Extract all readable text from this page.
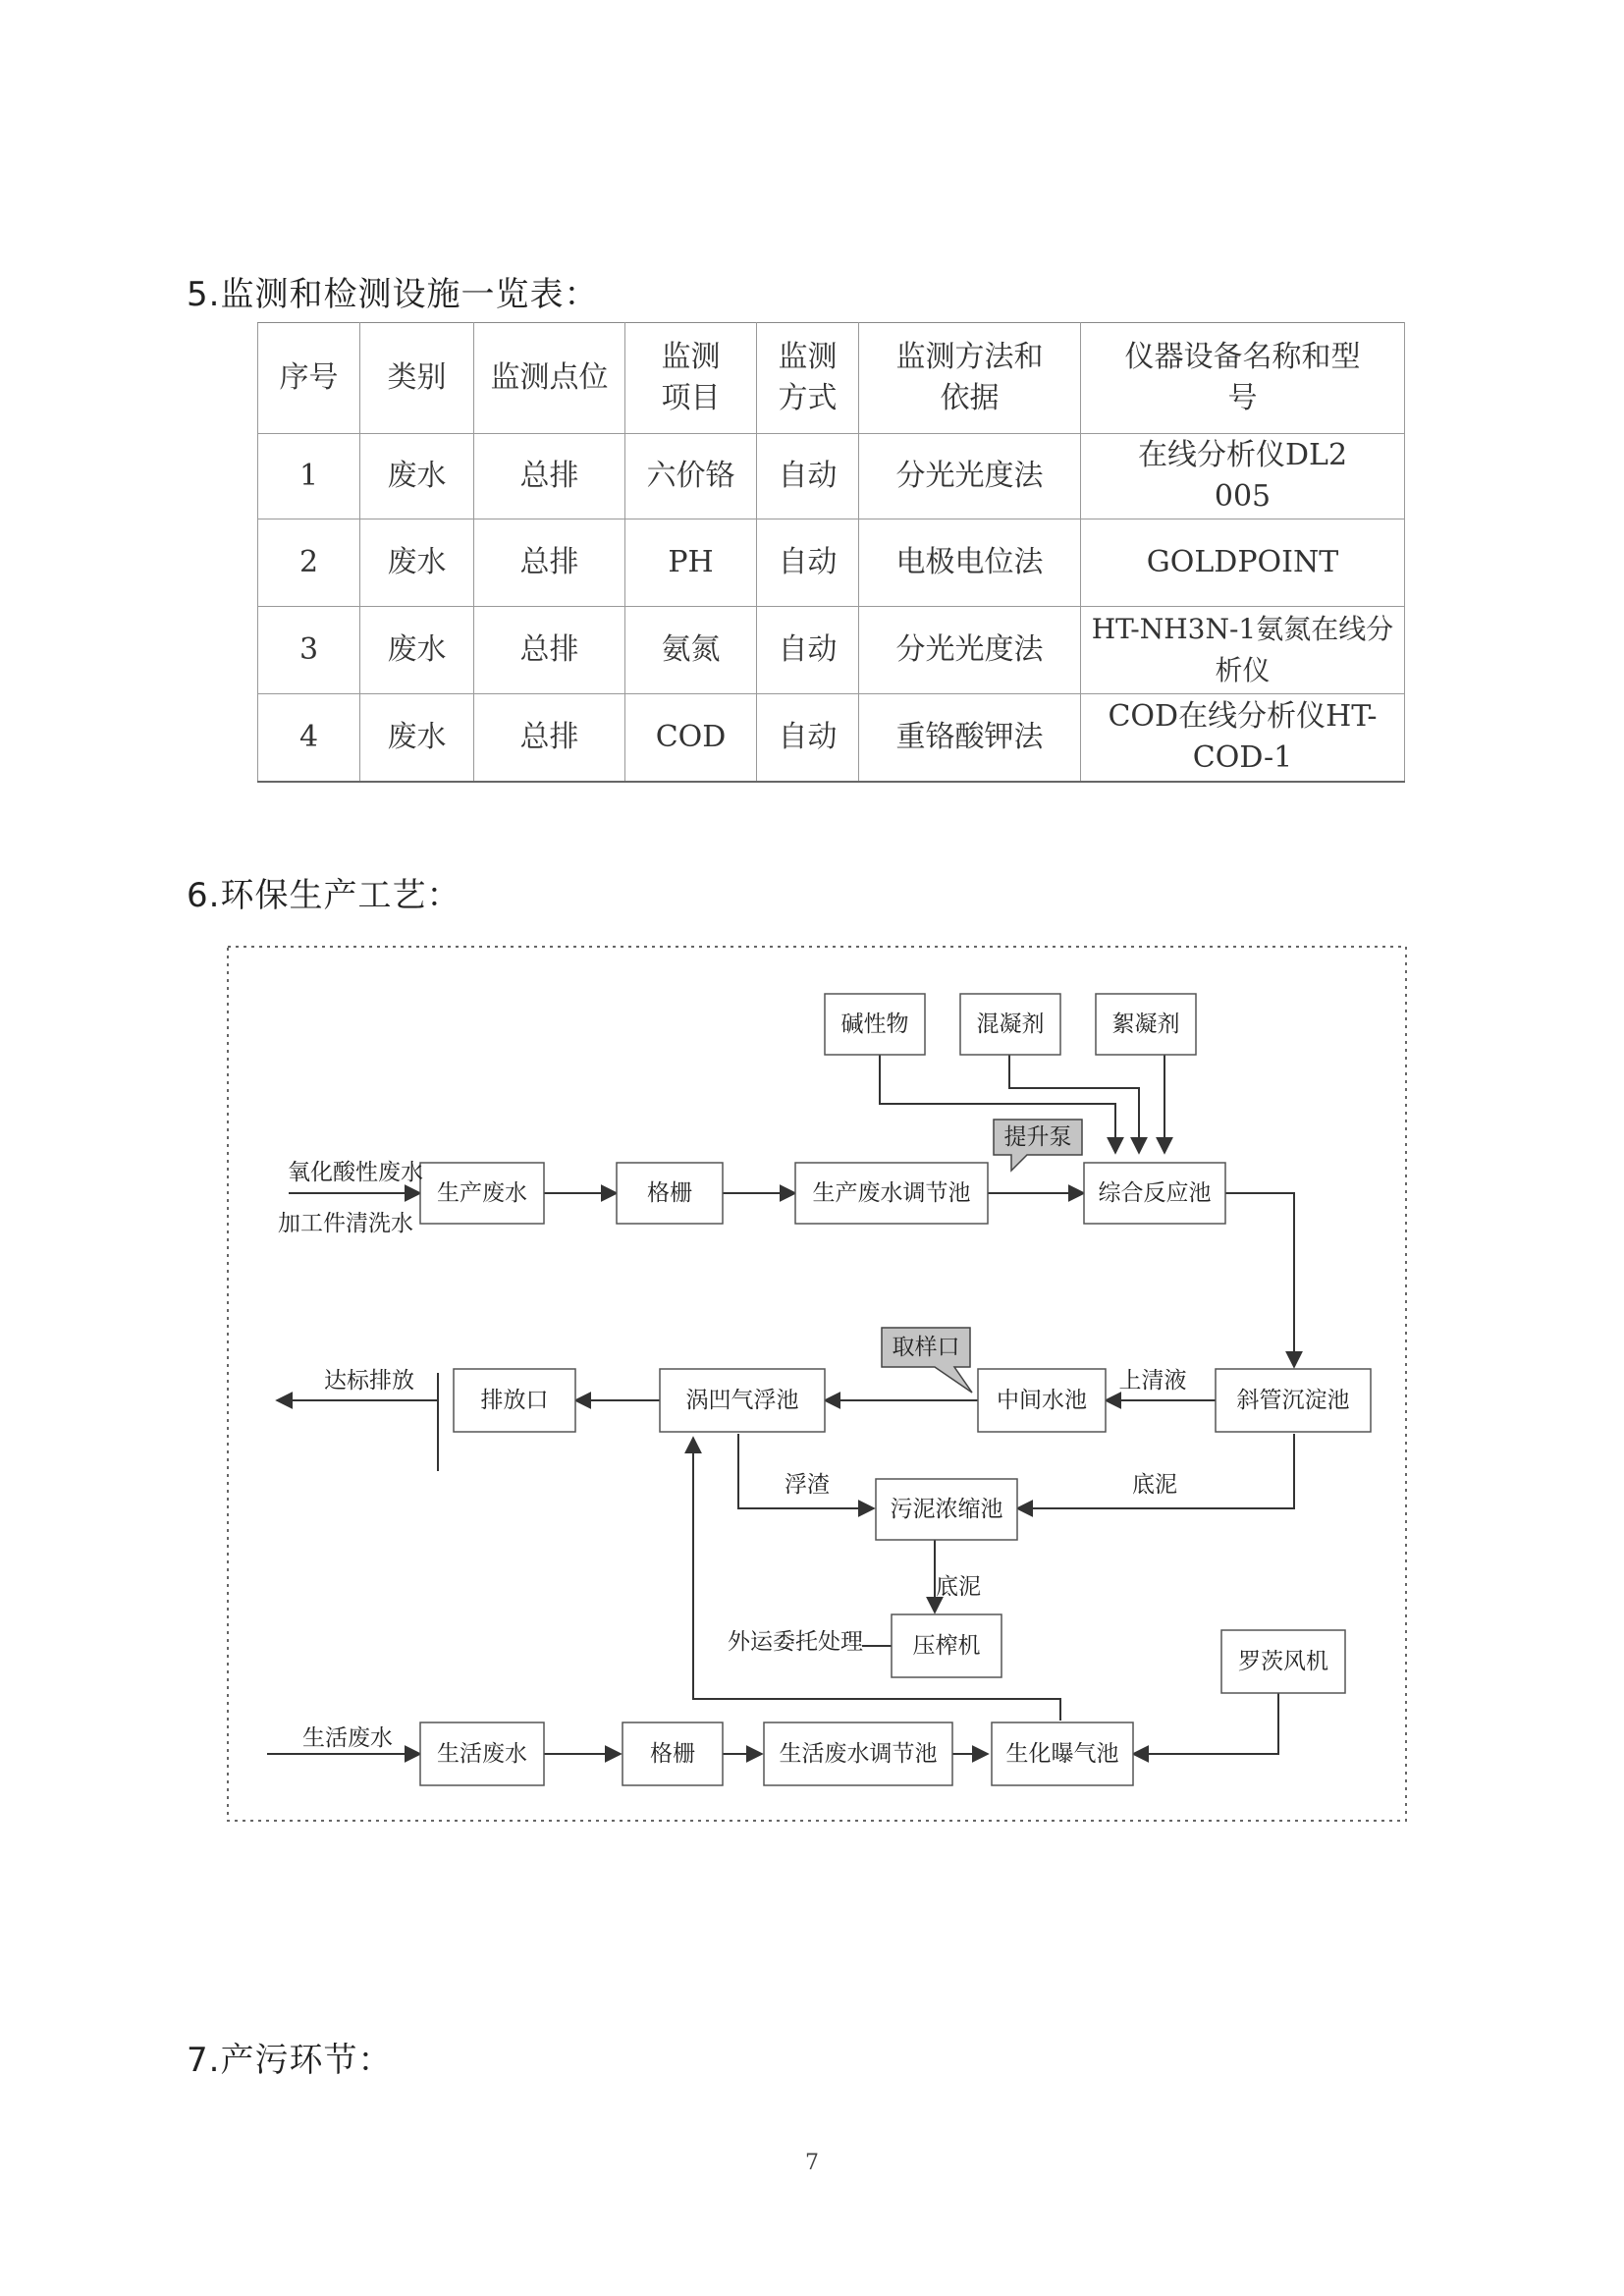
5.监测和检测设施一览表：
序号	类别	监测点位	监测项目	监测方式	监测方法和依据	仪器设备名称和型号
1	废水	总排	六价铬	自动	分光光度法	在线分析仪DL2005
2	废水	总排	PH	自动	电极电位法	GOLDPOINT
3	废水	总排	氨氮	自动	分光光度法	HT-NH3N-1氨氮在线分析仪
4	废水	总排	COD	自动	重铬酸钾法	COD在线分析仪HT-COD-1
6.环保生产工艺：
提升泵
取样口
碱性物	混凝剂	絮凝剂
生产废水	格栅	生产废水调节池	综合反应池
排放口	涡凹气浮池	中间水池	斜管沉淀池
污泥浓缩池
压榨机
罗茨风机
生活废水	格栅	生活废水调节池	生化曝气池
氧化酸性废水
加工件清洗水
达标排放	上清液
浮渣	底泥
底泥
外运委托处理
生活废水
7.产污环节：
7
